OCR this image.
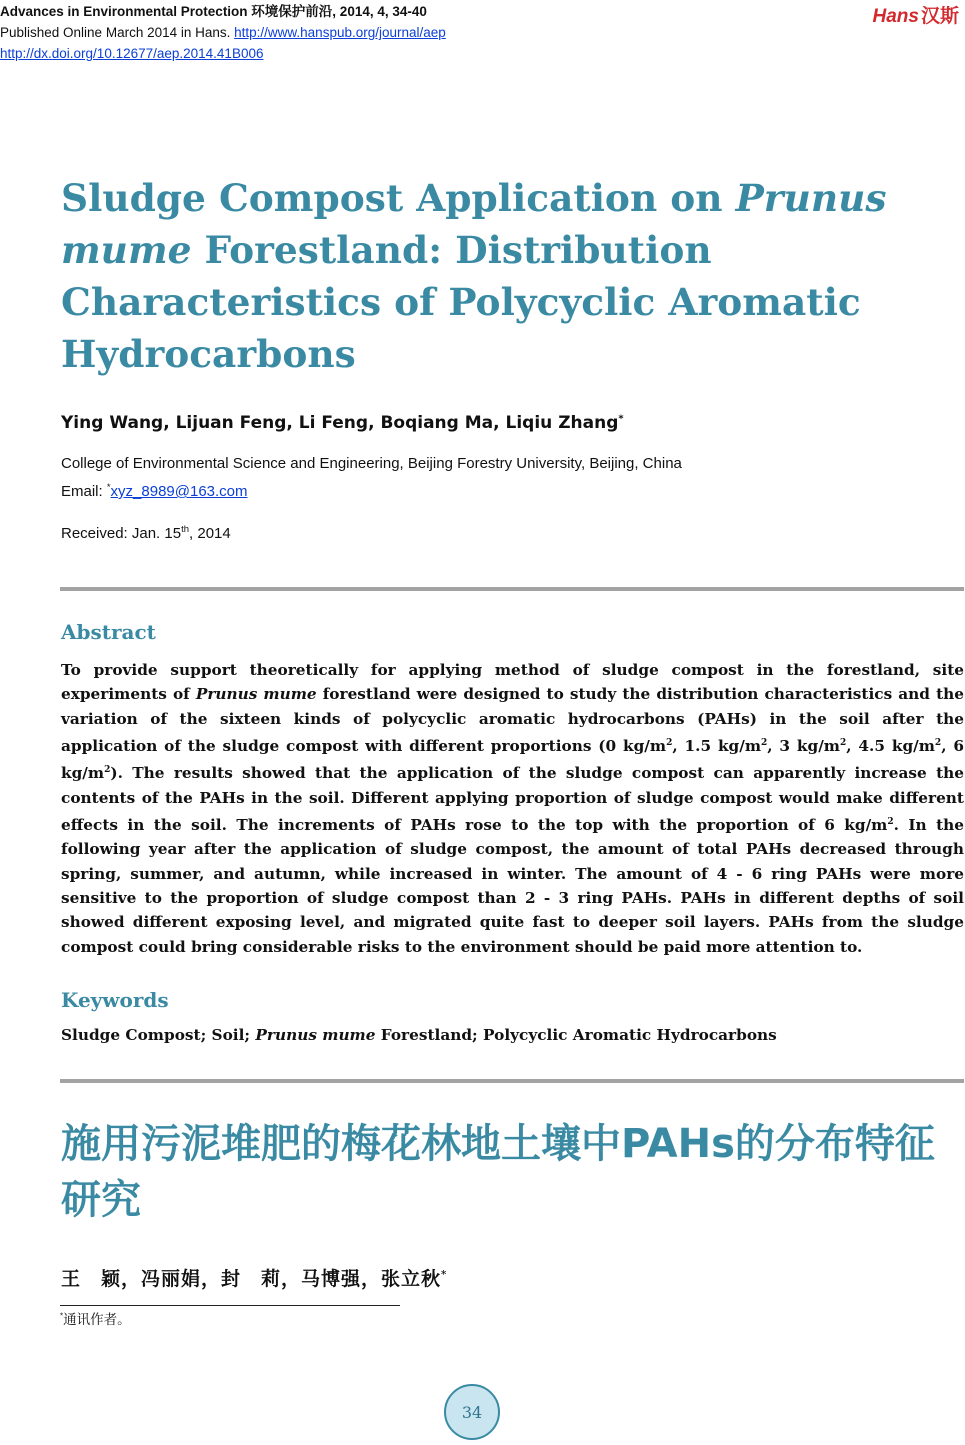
Advances in Environmental Protection 环境保护前沿, 2014, 4, 34-40
Published Online March 2014 in Hans. http://www.hanspub.org/journal/aep
http://dx.doi.org/10.12677/aep.2014.41B006
Hans 汉斯
Sludge Compost Application on Prunus mume Forestland: Distribution Characteristics of Polycyclic Aromatic Hydrocarbons
Ying Wang, Lijuan Feng, Li Feng, Boqiang Ma, Liqiu Zhang*
College of Environmental Science and Engineering, Beijing Forestry University, Beijing, China
Email: *xyz_8989@163.com
Received: Jan. 15th, 2014
Abstract

To provide support theoretically for applying method of sludge compost in the forestland, site experiments of Prunus mume forestland were designed to study the distribution characteristics and the variation of the sixteen kinds of polycyclic aromatic hydrocarbons (PAHs) in the soil after the application of the sludge compost with different proportions (0 $kg/m^2$, 1.5 $kg/m^2$, 3 $kg/m^2$, 4.5 $kg/m^2$, 6 $kg/m^2$). The results showed that the application of the sludge compost can apparently increase the contents of the PAHs in the soil. Different applying proportion of sludge compost would make different effects in the soil. The increments of PAHs rose to the top with the proportion of 6 $kg/m^2$. In the following year after the application of sludge compost, the amount of total PAHs decreased through spring, summer, and autumn, while increased in winter. The amount of 4 - 6 ring PAHs were more sensitive to the proportion of sludge compost than 2 - 3 ring PAHs. PAHs in different depths of soil showed different exposing level, and migrated quite fast to deeper soil layers. PAHs from the sludge compost could bring considerable risks to the environment should be paid more attention to.

Keywords
Sludge Compost; Soil; Prunus mume Forestland; Polycyclic Aromatic Hydrocarbons
施用污泥堆肥的梅花林地土壤中PAHs的分布特征研究
王　颖，冯丽娟，封　莉，马博强，张立秋*
*通讯作者。
34
